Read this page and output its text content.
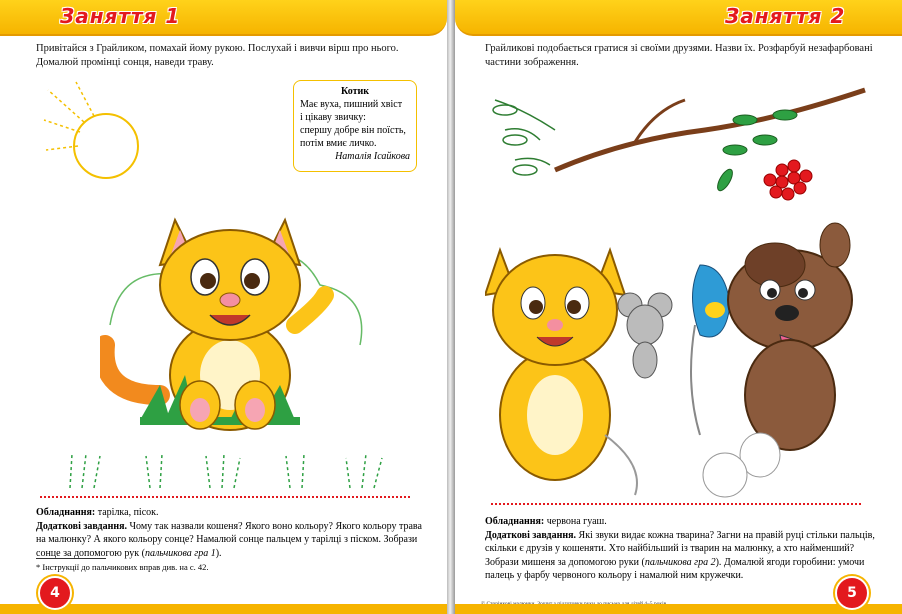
Заняття 1
Привітайся з Грайликом, помахай йому рукою. Послухай і вивчи вірш про нього. Домалюй промінці сонця, наведи траву.
Котик
Має вуха, пишний хвіст
і цікаву звичку:
спершу добре він поїсть,
потім вмиє личко.
Наталія Ісайкова
Обладнання: тарілка, пісок.
Додаткові завдання. Чому так назвали кошеня? Якого воно кольору? Якого кольору трава на малюнку? А якого кольору сонце? Намалюй сонце пальцем у тарілці з піском. Зобрази сонце за допомогою рук (пальчикова гра 1).
* Інструкції до пальчикових вправ див. на с. 42.
4
Заняття 2
Грайликові подобається гратися зі своїми друзями. Назви їх. Розфарбуй незафарбовані частини зображення.
Обладнання: червона гуаш.
Додаткові завдання. Які звуки видає кожна тварина? Загни на правій руці стільки пальців, скільки є друзів у кошеняти. Хто найбільший із тварин на малюнку, а хто найменший? Зобрази мишеня за допомогою руки (пальчикова гра 2). Домалюй ягоди горобини: умочи палець у фарбу червоного кольору і намалюй ним кружечки.
5
